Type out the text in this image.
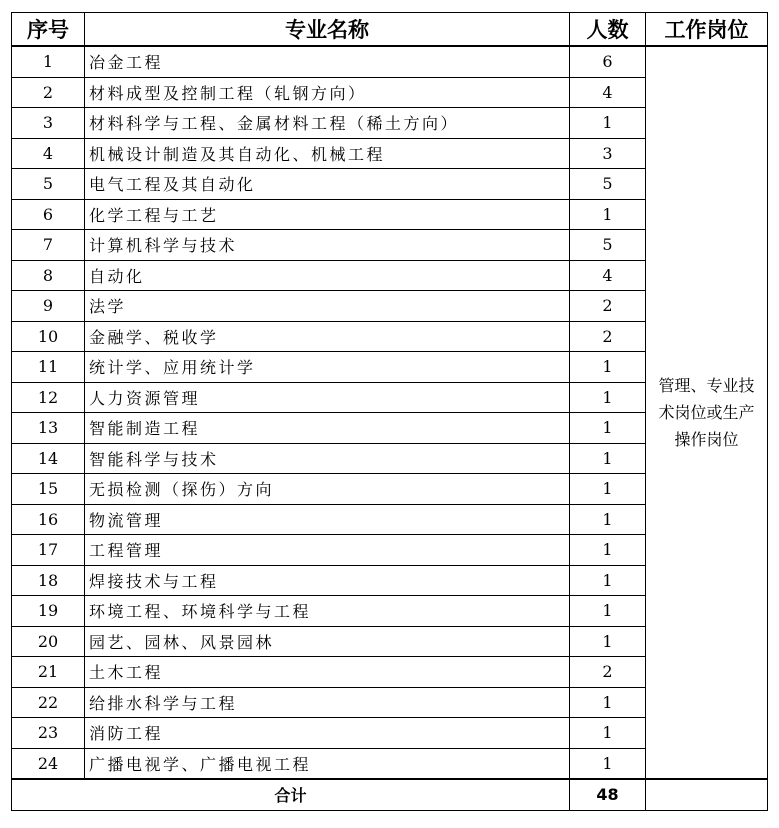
序号	专业名称	人数	工作岗位
1	冶金工程	6	管理、专业技术岗位或生产操作岗位
2	材料成型及控制工程（轧钢方向）	4	
3	材料科学与工程、金属材料工程（稀土方向）	1	
4	机械设计制造及其自动化、机械工程	3	
5	电气工程及其自动化	5	
6	化学工程与工艺	1	
7	计算机科学与技术	5	
8	自动化	4	
9	法学	2	
10	金融学、税收学	2	
11	统计学、应用统计学	1	
12	人力资源管理	1	
13	智能制造工程	1	
14	智能科学与技术	1	
15	无损检测（探伤）方向	1	
16	物流管理	1	
17	工程管理	1	
18	焊接技术与工程	1	
19	环境工程、环境科学与工程	1	
20	园艺、园林、风景园林	1	
21	土木工程	2	
22	给排水科学与工程	1	
23	消防工程	1	
24	广播电视学、广播电视工程	1	
合计		48	
